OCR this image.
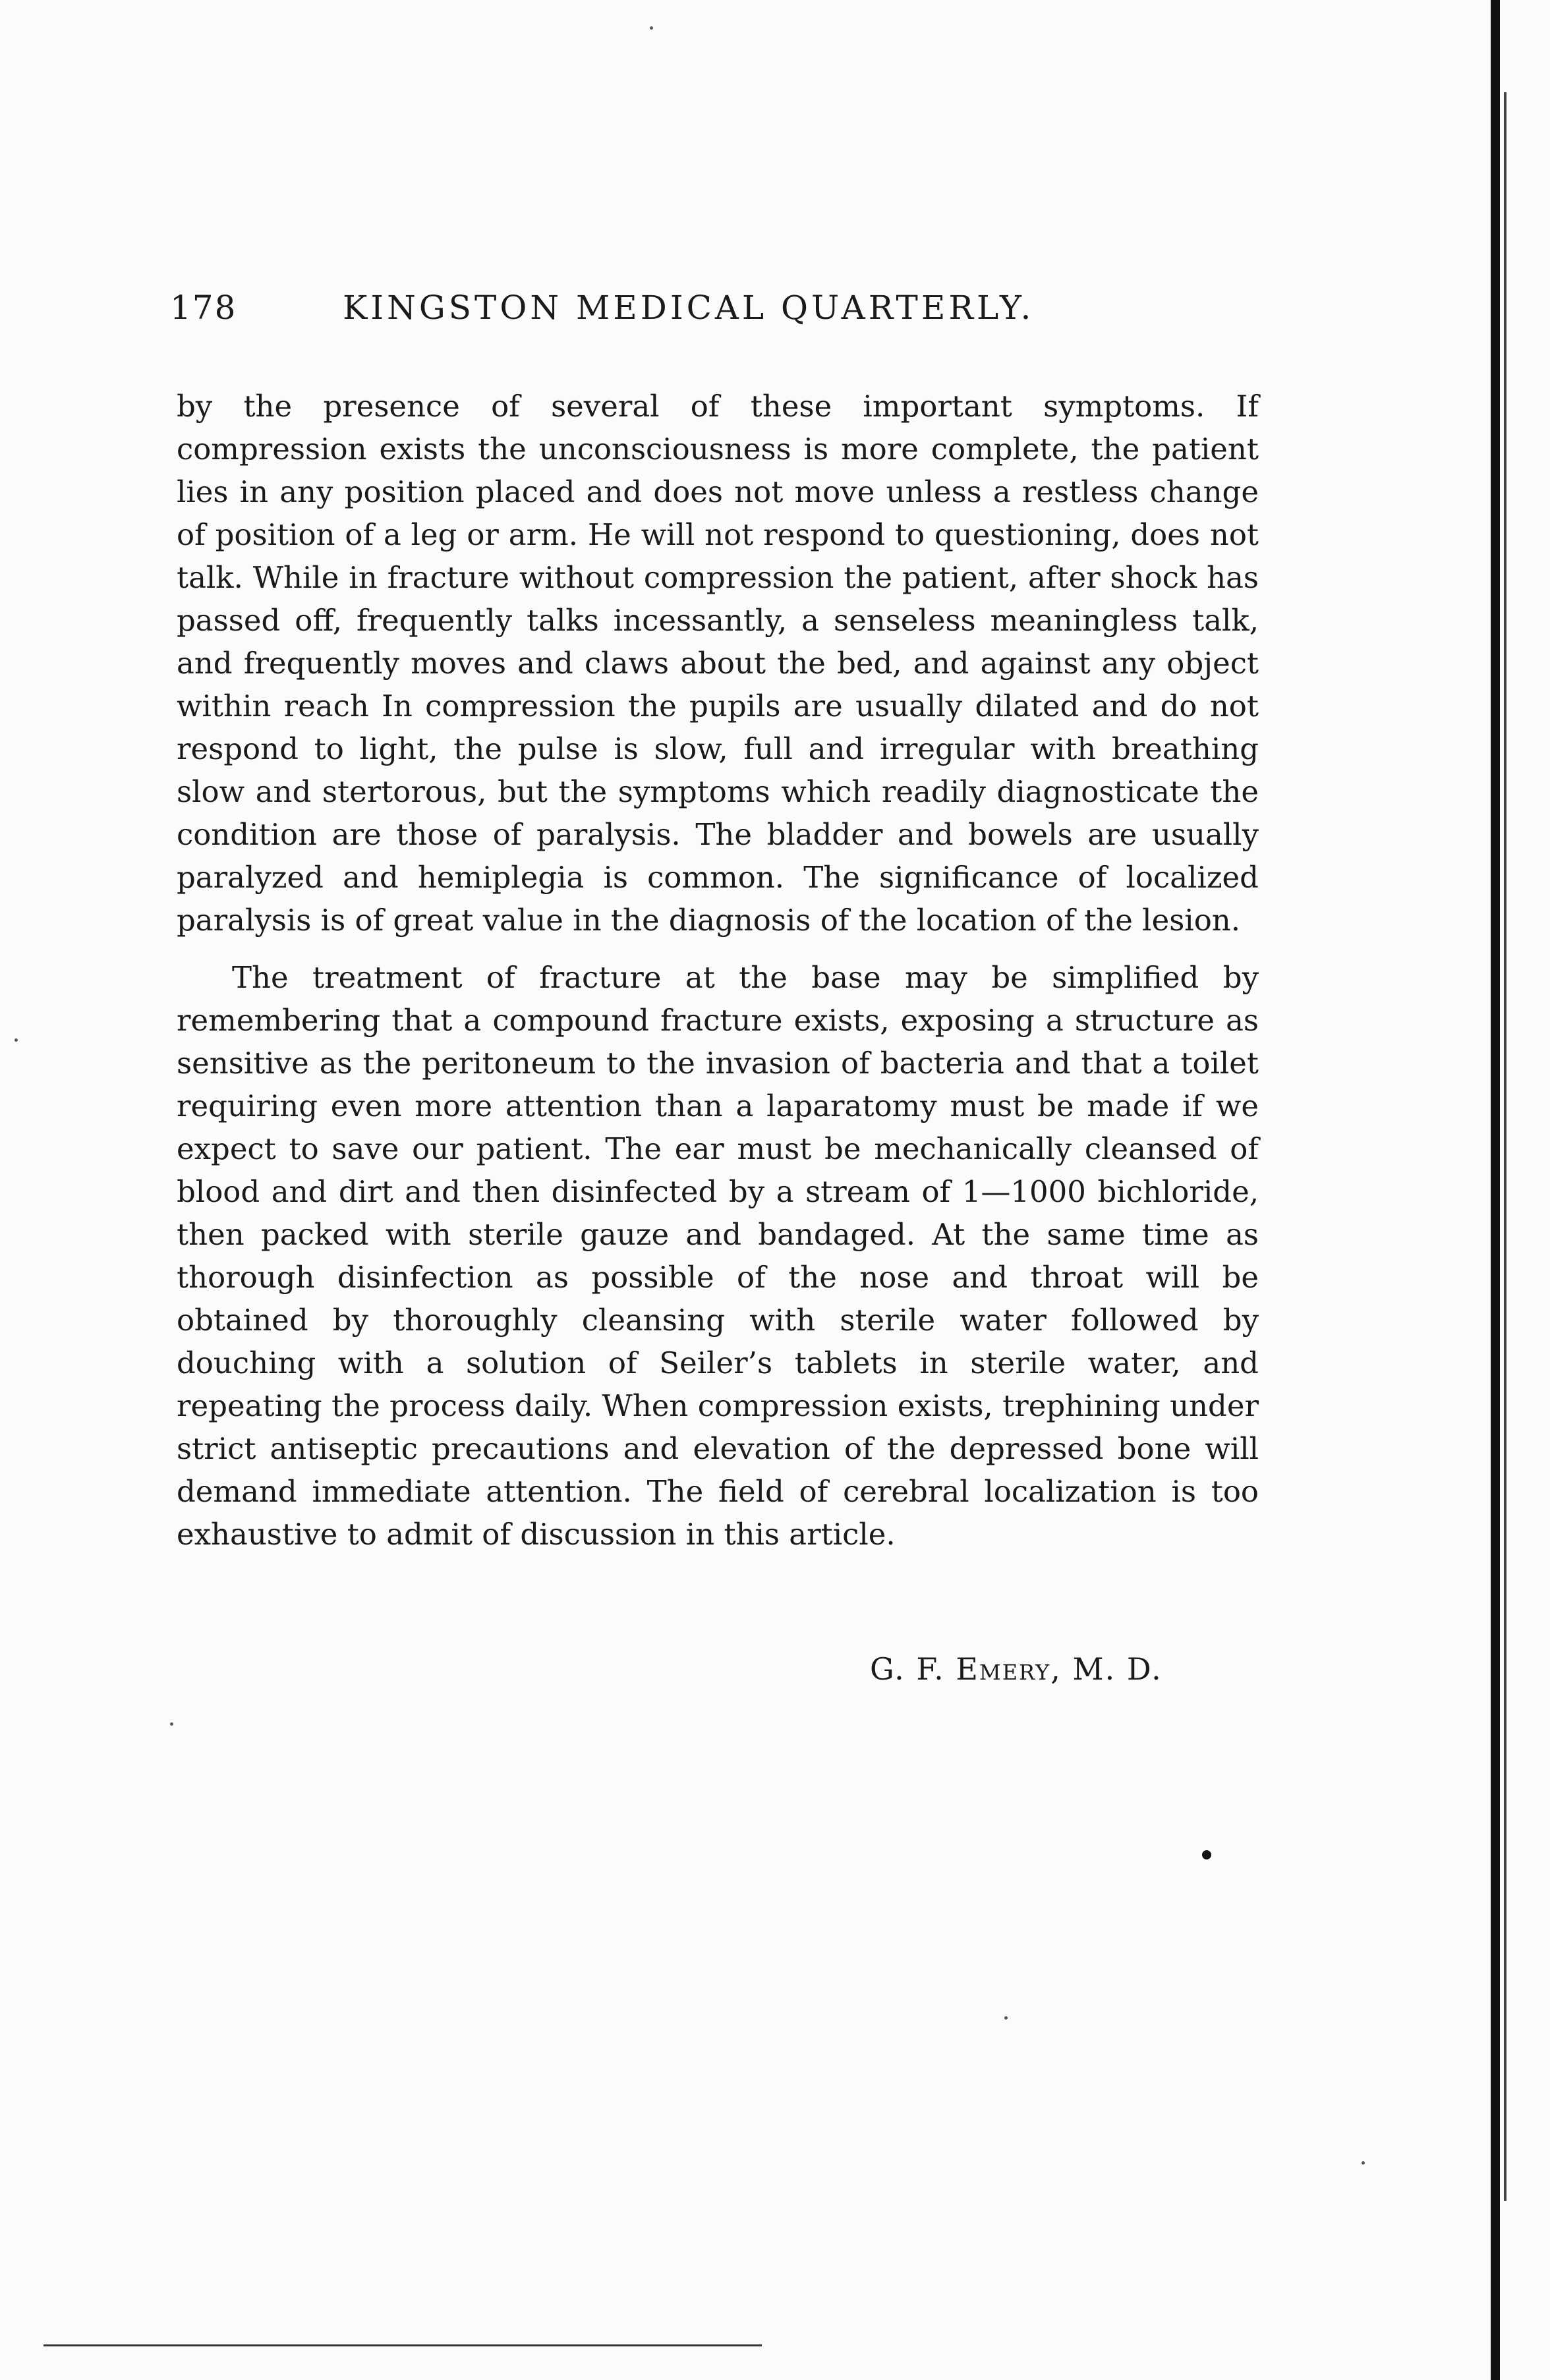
178	KINGSTON MEDICAL QUARTERLY.

by the presence of several of these important symptoms. If compression exists the unconsciousness is more complete, the patient lies in any position placed and does not move unless a restless change of position of a leg or arm. He will not respond to questioning, does not talk. While in fracture without compression the patient, after shock has passed off, frequently talks incessantly, a senseless meaningless talk, and frequently moves and claws about the bed, and against any object within reach In compression the pupils are usually dilated and do not respond to light, the pulse is slow, full and irregular with breathing slow and stertorous, but the symptoms which readily diagnosticate the condition are those of paralysis. The bladder and bowels are usually paralyzed and hemiplegia is common. The significance of localized paralysis is of great value in the diagnosis of the location of the lesion.

The treatment of fracture at the base may be simplified by remembering that a compound fracture exists, exposing a structure as sensitive as the peritoneum to the invasion of bacteria and that a toilet requiring even more attention than a laparatomy must be made if we expect to save our patient. The ear must be mechanically cleansed of blood and dirt and then disinfected by a stream of 1—1000 bichloride, then packed with sterile gauze and bandaged. At the same time as thorough disinfection as possible of the nose and throat will be obtained by thoroughly cleansing with sterile water followed by douching with a solution of Seiler’s tablets in sterile water, and repeating the process daily. When compression exists, trephining under strict antiseptic precautions and elevation of the depressed bone will demand immediate attention. The field of cerebral localization is too exhaustive to admit of discussion in this article.

G. F. Emery, M. D.
